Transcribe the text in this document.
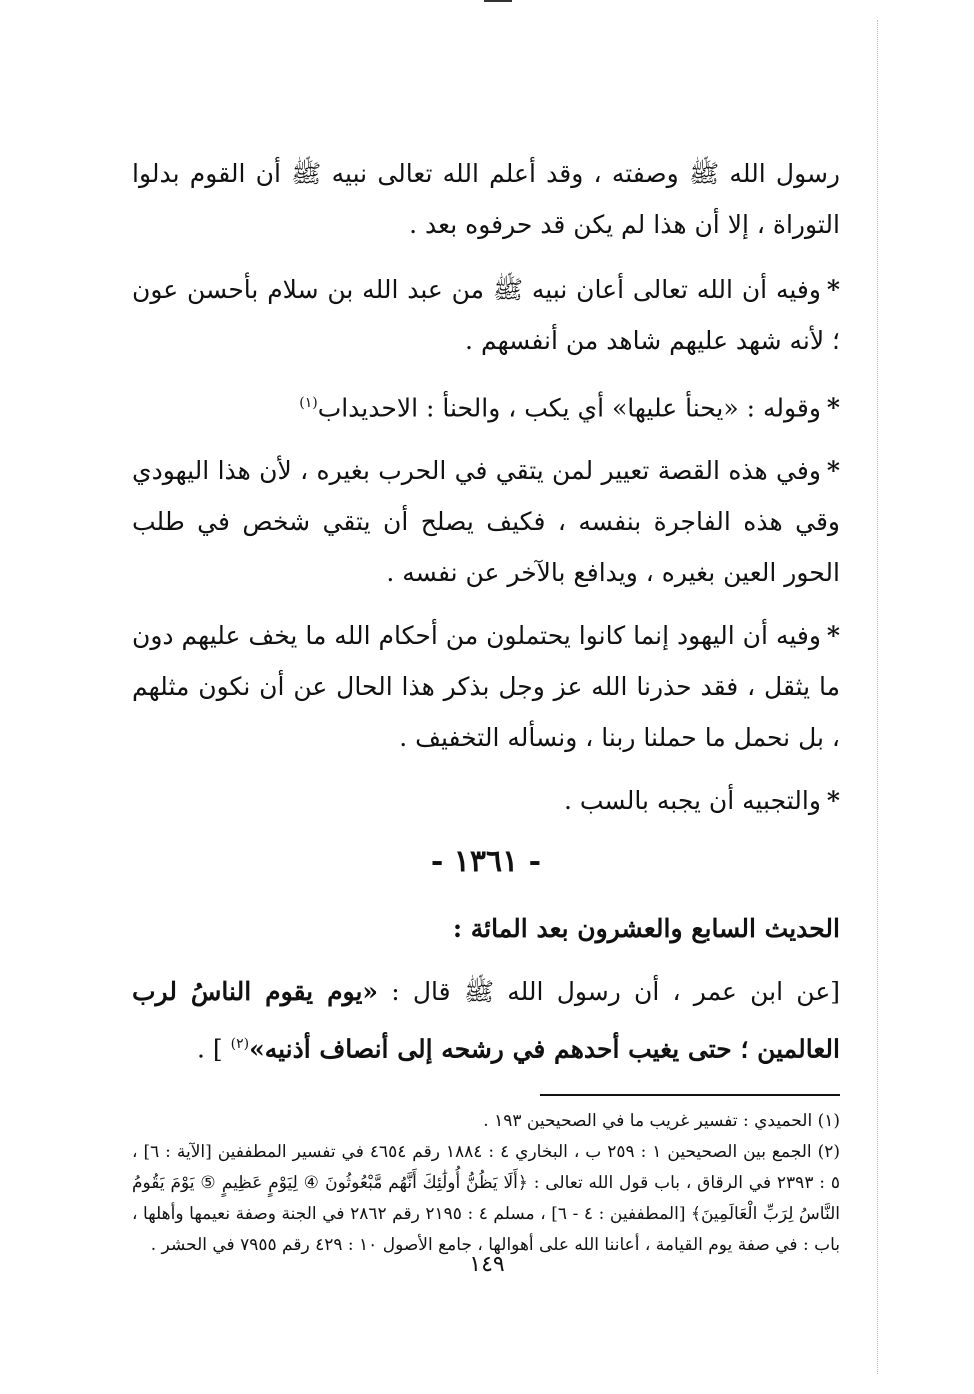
رسول الله ﷺ وصفته ، وقد أعلم الله تعالى نبيه ﷺ أن القوم بدلوا التوراة ، إلا أن هذا لم يكن قد حرفوه بعد .

*وفيه أن الله تعالى أعان نبيه ﷺ من عبد الله بن سلام بأحسن عون ؛ لأنه شهد عليهم شاهد من أنفسهم .

*وقوله : «يحنأ عليها» أي يكب ، والحنأ : الاحديداب$^{(١)}$

*وفي هذه القصة تعيير لمن يتقي في الحرب بغيره ، لأن هذا اليهودي وقي هذه الفاجرة بنفسه ، فكيف يصلح أن يتقي شخص في طلب الحور العين بغيره ، ويدافع بالآخر عن نفسه .

*وفيه أن اليهود إنما كانوا يحتملون من أحكام الله ما يخف عليهم دون ما يثقل ، فقد حذرنا الله عز وجل بذكر هذا الحال عن أن نكون مثلهم ، بل نحمل ما حملنا ربنا ، ونسأله التخفيف .

*والتجبيه أن يجبه بالسب .

- ١٣٦١ -

الحديث السابع والعشرون بعد المائة :

[عن ابن عمر ، أن رسول الله ﷺ قال : «يوم يقوم الناسُ لرب العالمين ؛ حتى يغيب أحدهم في رشحه إلى أنصاف أذنيه»$^{(٢)}$ ] .

(١) الحميدي : تفسير غريب ما في الصحيحين ١٩٣ .

(٢) الجمع بين الصحيحين ١ : ٢٥٩ ب ، البخاري ٤ : ١٨٨٤ رقم ٤٦٥٤ في تفسير المطففين [الآية : ٦] ، ٥ : ٢٣٩٣ في الرقاق ، باب قول الله تعالى : ﴿أَلَا يَظُنُّ أُولَٰئِكَ أَنَّهُم مَّبْعُوثُونَ ④ لِيَوْمٍ عَظِيمٍ ⑤ يَوْمَ يَقُومُ النَّاسُ لِرَبِّ الْعَالَمِينَ﴾ [المطففين : ٤ - ٦] ، مسلم ٤ : ٢١٩٥ رقم ٢٨٦٢ في الجنة وصفة نعيمها وأهلها ، باب : في صفة يوم القيامة ، أعاننا الله على أهوالها ، جامع الأصول ١٠ : ٤٢٩ رقم ٧٩٥٥ في الحشر .

١٤٩
